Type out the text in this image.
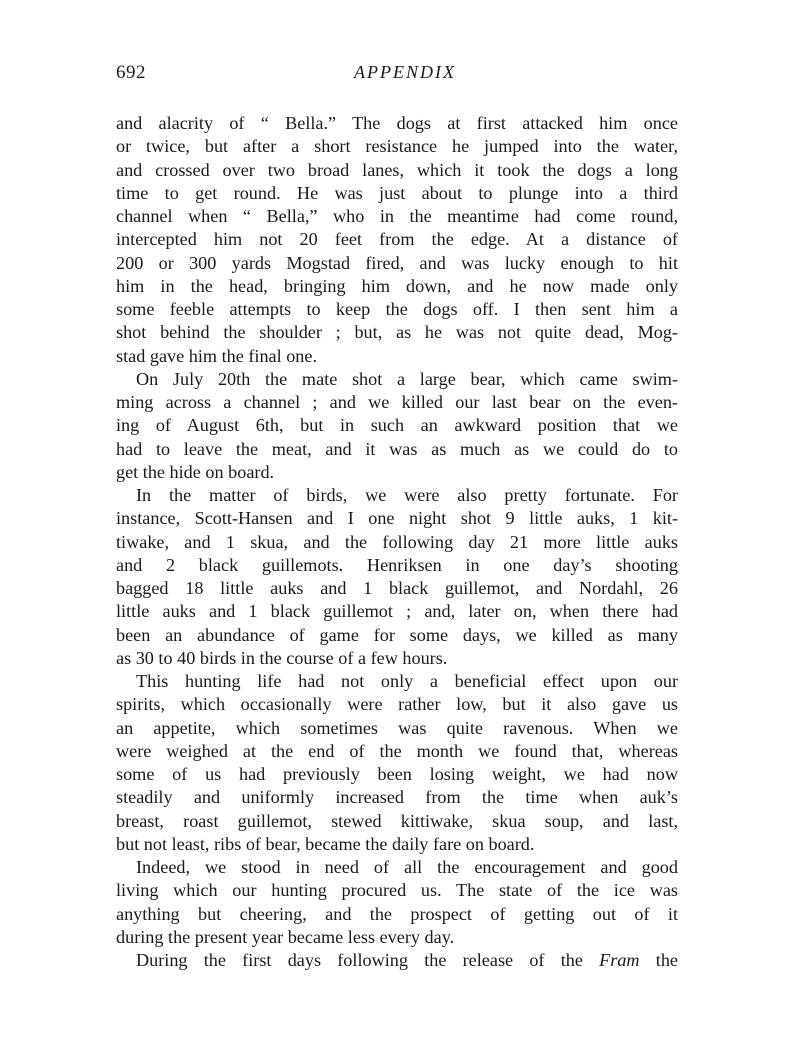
692	APPENDIX
and alacrity of “ Bella.” The dogs at first attacked him once
or twice, but after a short resistance he jumped into the water,
and crossed over two broad lanes, which it took the dogs a long
time to get round. He was just about to plunge into a third
channel when “ Bella,” who in the meantime had come round,
intercepted him not 20 feet from the edge. At a distance of
200 or 300 yards Mogstad fired, and was lucky enough to hit
him in the head, bringing him down, and he now made only
some feeble attempts to keep the dogs off. I then sent him a
shot behind the shoulder ; but, as he was not quite dead, Mog-
stad gave him the final one.
On July 20th the mate shot a large bear, which came swim-
ming across a channel ; and we killed our last bear on the even-
ing of August 6th, but in such an awkward position that we
had to leave the meat, and it was as much as we could do to
get the hide on board.
In the matter of birds, we were also pretty fortunate. For
instance, Scott-Hansen and I one night shot 9 little auks, 1 kit-
tiwake, and 1 skua, and the following day 21 more little auks
and 2 black guillemots. Henriksen in one day’s shooting
bagged 18 little auks and 1 black guillemot, and Nordahl, 26
little auks and 1 black guillemot ; and, later on, when there had
been an abundance of game for some days, we killed as many
as 30 to 40 birds in the course of a few hours.
This hunting life had not only a beneficial effect upon our
spirits, which occasionally were rather low, but it also gave us
an appetite, which sometimes was quite ravenous. When we
were weighed at the end of the month we found that, whereas
some of us had previously been losing weight, we had now
steadily and uniformly increased from the time when auk’s
breast, roast guillemot, stewed kittiwake, skua soup, and last,
but not least, ribs of bear, became the daily fare on board.
Indeed, we stood in need of all the encouragement and good
living which our hunting procured us. The state of the ice was
anything but cheering, and the prospect of getting out of it
during the present year became less every day.
During the first days following the release of the Fram the
